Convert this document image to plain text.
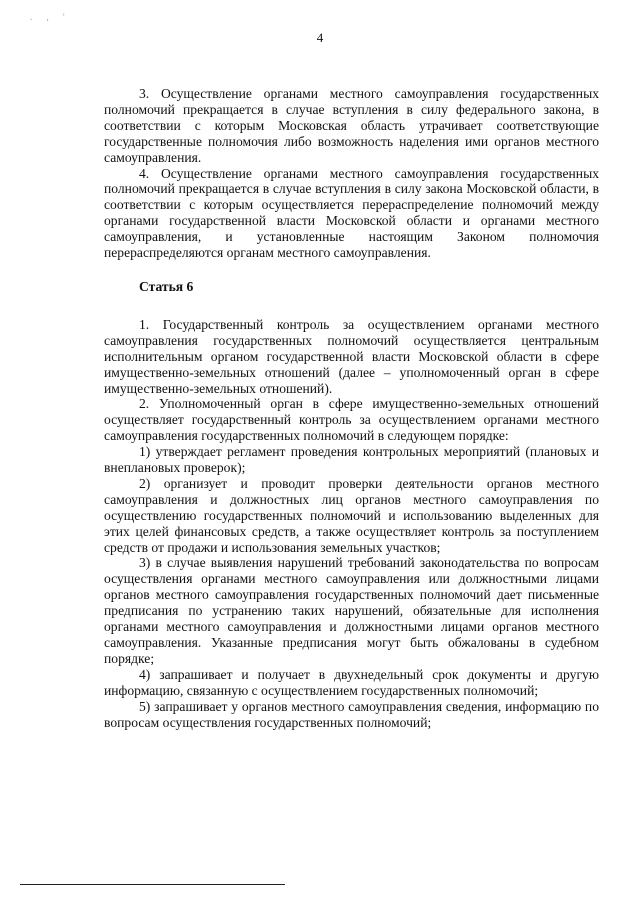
. , '
4

3. Осуществление органами местного самоуправления государственных полномочий прекращается в случае вступления в силу федерального закона, в соответствии с которым Московская область утрачивает соответствующие государственные полномочия либо возможность наделения ими органов местного самоуправления.

4. Осуществление органами местного самоуправления государственных полномочий прекращается в случае вступления в силу закона Московской области, в соответствии с которым осуществляется перераспределение полномочий между органами государственной власти Московской области и органами местного самоуправления, и установленные настоящим Законом полномочия перераспределяются органам местного самоуправления.

Статья 6

1. Государственный контроль за осуществлением органами местного самоуправления государственных полномочий осуществляется центральным исполнительным органом государственной власти Московской области в сфере имущественно-земельных отношений (далее – уполномоченный орган в сфере имущественно-земельных отношений).

2. Уполномоченный орган в сфере имущественно-земельных отношений осуществляет государственный контроль за осуществлением органами местного самоуправления государственных полномочий в следующем порядке:

1) утверждает регламент проведения контрольных мероприятий (плановых и внеплановых проверок);

2) организует и проводит проверки деятельности органов местного самоуправления и должностных лиц органов местного самоуправления по осуществлению государственных полномочий и использованию выделенных для этих целей финансовых средств, а также осуществляет контроль за поступлением средств от продажи и использования земельных участков;

3) в случае выявления нарушений требований законодательства по вопросам осуществления органами местного самоуправления или должностными лицами органов местного самоуправления государственных полномочий дает письменные предписания по устранению таких нарушений, обязательные для исполнения органами местного самоуправления и должностными лицами органов местного самоуправления. Указанные предписания могут быть обжалованы в судебном порядке;

4) запрашивает и получает в двухнедельный срок документы и другую информацию, связанную с осуществлением государственных полномочий;

5) запрашивает у органов местного самоуправления сведения, информацию по вопросам осуществления государственных полномочий;
